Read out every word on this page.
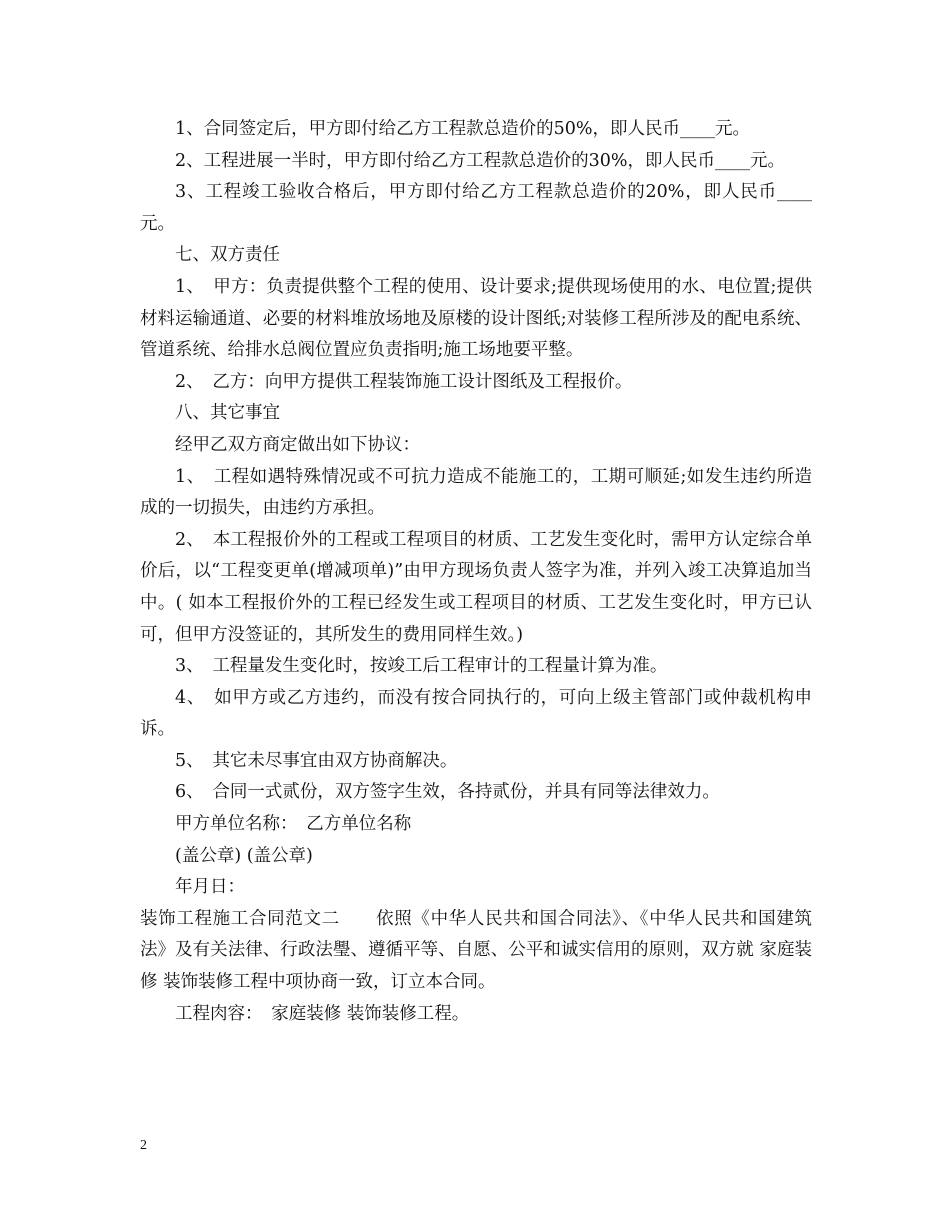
1、合同签定后，甲方即付给乙方工程款总造价的50%，即人民币____元。

2、工程进展一半时，甲方即付给乙方工程款总造价的30%，即人民币____元。

3、工程竣工验收合格后，甲方即付给乙方工程款总造价的20%，即人民币____元。

七、双方责任

1、　甲方：负责提供整个工程的使用、设计要求;提供现场使用的水、电位置;提供材料运输通道、必要的材料堆放场地及原楼的设计图纸;对装修工程所涉及的配电系统、管道系统、给排水总阀位置应负责指明;施工场地要平整。

2、　乙方：向甲方提供工程装饰施工设计图纸及工程报价。

八、其它事宜

经甲乙双方商定做出如下协议：

1、　工程如遇特殊情况或不可抗力造成不能施工的，工期可顺延;如发生违约所造成的一切损失，由违约方承担。

2、　本工程报价外的工程或工程项目的材质、工艺发生变化时，需甲方认定综合单价后，以“工程变更单(增减项单)”由甲方现场负责人签字为准，并列入竣工决算追加当中。( 如本工程报价外的工程已经发生或工程项目的材质、工艺发生变化时，甲方已认可，但甲方没签证的，其所发生的费用同样生效。)

3、　工程量发生变化时，按竣工后工程审计的工程量计算为准。

4、　如甲方或乙方违约，而没有按合同执行的，可向上级主管部门或仲裁机构申诉。

5、　其它未尽事宜由双方协商解决。

6、　合同一式贰份，双方签字生效，各持贰份，并具有同等法律效力。

甲方单位名称：　乙方单位名称

(盖公章) (盖公章)

年月日：

装饰工程施工合同范文二　　依照《中华人民共和国合同法》、《中华人民共和国建筑法》及有关法律、行政法璺、遵循平等、自愿、公平和诚实信用的原则，双方就 家庭装修 装饰装修工程中项协商一致，订立本合同。

工程肉容：　家庭装修 装饰装修工程。

2
